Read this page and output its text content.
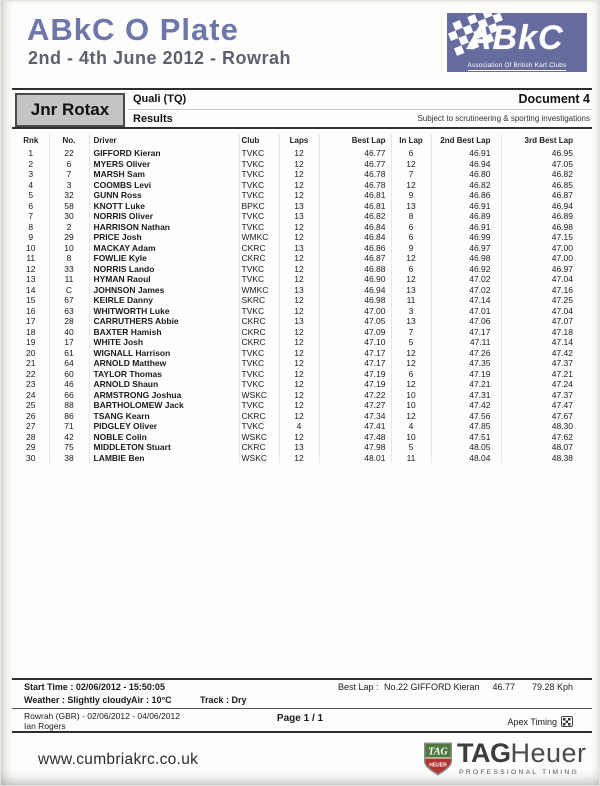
ABkC O Plate
2nd - 4th June 2012 - Rowrah
ABkC
Association Of British Kart Clubs
Jnr Rotax
Quali (TQ)
Results
Document 4
Subject to scrutineering & sporting investigations
Rnk	No.	Driver	Club	Laps	Best Lap	In Lap	2nd Best Lap	3rd Best Lap
1	22	GIFFORD Kieran	TVKC	12	46.77	6	46.91	46.95
2	6	MYERS Oliver	TVKC	12	46.77	12	46.94	47.05
3	7	MARSH Sam	TVKC	12	46.78	7	46.80	46.82
4	3	COOMBS Levi	TVKC	12	46.78	12	46.82	46.85
5	32	GUNN Ross	TVKC	12	46.81	9	46.86	46.87
6	58	KNOTT Luke	BPKC	13	46.81	13	46.91	46.94
7	30	NORRIS Oliver	TVKC	13	46.82	8	46.89	46.89
8	2	HARRISON Nathan	TVKC	12	46.84	6	46.91	46.98
9	29	PRICE Josh	WMKC	12	46.84	6	46.99	47.15
10	10	MACKAY Adam	CKRC	13	46.86	9	46.97	47.00
11	8	FOWLIE Kyle	CKRC	12	46.87	12	46.98	47.00
12	33	NORRIS Lando	TVKC	12	46.88	6	46.92	46.97
13	11	HYMAN Raoul	TVKC	12	46.90	12	47.02	47.04
14	C	JOHNSON James	WMKC	13	46.94	13	47.02	47.16
15	67	KEIRLE Danny	SKRC	12	46.98	11	47.14	47.25
16	63	WHITWORTH Luke	TVKC	12	47.00	3	47.01	47.04
17	28	CARRUTHERS Abbie	CKRC	13	47.05	13	47.06	47.07
18	40	BAXTER Hamish	CKRC	12	47.09	7	47.17	47.18
19	17	WHITE Josh	CKRC	12	47.10	5	47.11	47.14
20	61	WIGNALL Harrison	TVKC	12	47.17	12	47.26	47.42
21	64	ARNOLD Matthew	TVKC	12	47.17	12	47.35	47.37
22	60	TAYLOR Thomas	TVKC	12	47.19	6	47.19	47.21
23	46	ARNOLD Shaun	TVKC	12	47.19	12	47.21	47.24
24	66	ARMSTRONG Joshua	WSKC	12	47.22	10	47.31	47.37
25	88	BARTHOLOMEW Jack	TVKC	12	47.27	10	47.42	47.47
26	86	TSANG Kearn	CKRC	12	47.34	12	47.56	47.67
27	71	PIDGLEY Oliver	TVKC	4	47.41	4	47.85	48.30
28	42	NOBLE Colin	WSKC	12	47.48	10	47.51	47.62
29	75	MIDDLETON Stuart	CKRC	13	47.98	5	48.05	48.07
30	38	LAMBIE Ben	WSKC	12	48.01	11	48.04	48.38
Start Time : 02/06/2012 - 15:50:05	Best Lap : No.22 GIFFORD Kieran 46.77 79.28 Kph
Weather : Slightly cloudy Air : 10°C	Track : Dry
Rowrah (GBR) - 02/06/2012 - 04/06/2012
Ian Rogers
Page 1 / 1	Apex Timing
www.cumbriakrc.co.uk	TAG
HEUER TAGHeuer
PROFESSIONAL TIMING
